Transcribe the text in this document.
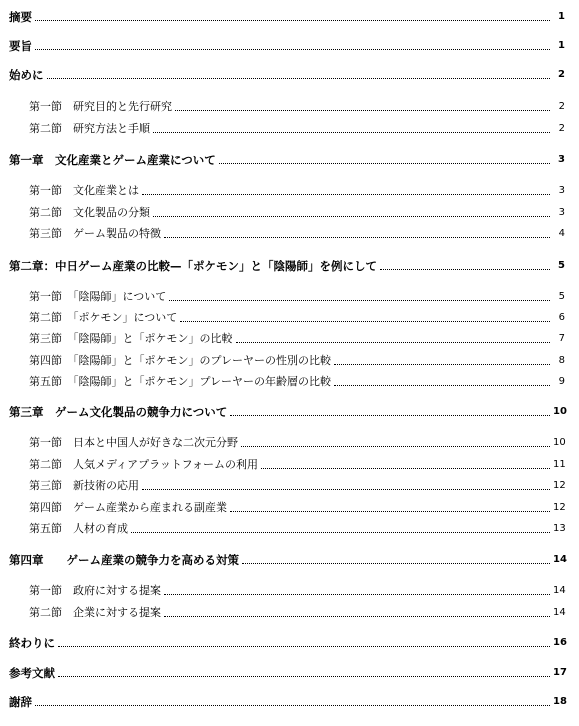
摘要	1
要旨	1
始めに	2
第一節　研究目的と先行研究	2
第二節　研究方法と手順	2
第一章　文化産業とゲーム産業について	3
第一節　文化産業とは	3
第二節　文化製品の分類	3
第三節　ゲーム製品の特徴	4
第二章：中日ゲーム産業の比較—「ポケモン」と「陰陽師」を例にして	5
第一節　「陰陽師」について	5
第二節　「ポケモン」について	6
第三節　「陰陽師」と「ポケモン」の比較	7
第四節　「陰陽師」と「ポケモン」のプレーヤーの性別の比較	8
第五節　「陰陽師」と「ポケモン」プレーヤーの年齢層の比較	9
第三章　ゲーム文化製品の競争力について	10
第一節　日本と中国人が好きな二次元分野	10
第二節　人気メディアプラットフォームの利用	11
第三節　新技術の応用	12
第四節　ゲーム産業から産まれる副産業	12
第五節　人材の育成	13
第四章　　ゲーム産業の競争力を高める対策	14
第一節　政府に対する提案	14
第二節　企業に対する提案	14
終わりに	16
参考文献	17
謝辞	18
